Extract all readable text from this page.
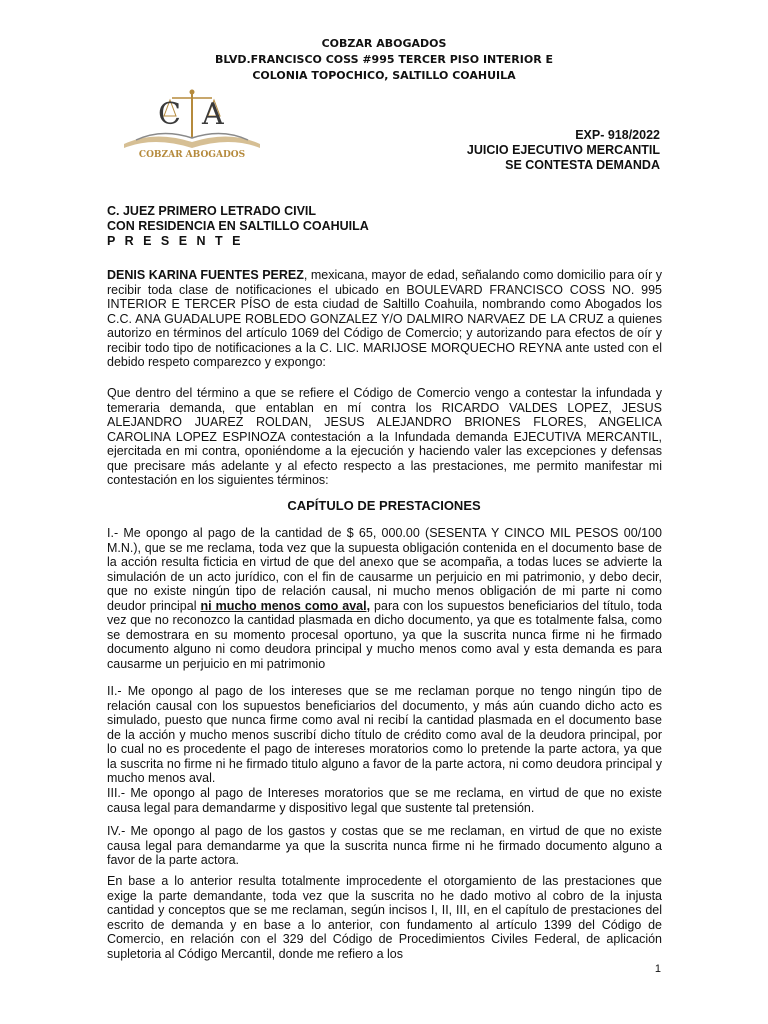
COBZAR ABOGADOS
BLVD.FRANCISCO COSS #995 TERCER PISO INTERIOR E
COLONIA TOPOCHICO, SALTILLO COAHUILA
C A
COBZAR ABOGADOS
EXP- 918/2022
JUICIO EJECUTIVO MERCANTIL
SE CONTESTA DEMANDA
C. JUEZ PRIMERO LETRADO CIVIL
CON RESIDENCIA EN SALTILLO COAHUILA
P R E S E N T E

DENIS KARINA FUENTES PEREZ, mexicana, mayor de edad, señalando como domicilio para oír y recibir toda clase de notificaciones el ubicado en BOULEVARD FRANCISCO COSS NO. 995 INTERIOR E TERCER PÍSO de esta ciudad de Saltillo Coahuila, nombrando como Abogados los C.C. ANA GUADALUPE ROBLEDO GONZALEZ Y/O DALMIRO NARVAEZ DE LA CRUZ a quienes autorizo en términos del artículo 1069 del Código de Comercio; y autorizando para efectos de oír y recibir todo tipo de notificaciones a la C. LIC. MARIJOSE MORQUECHO REYNA ante usted con el debido respeto comparezco y expongo:

Que dentro del término a que se refiere el Código de Comercio vengo a contestar la infundada y temeraria demanda, que entablan en mí contra los RICARDO VALDES LOPEZ, JESUS ALEJANDRO JUAREZ ROLDAN, JESUS ALEJANDRO BRIONES FLORES, ANGELICA CAROLINA LOPEZ ESPINOZA contestación a la Infundada demanda EJECUTIVA MERCANTIL, ejercitada en mi contra, oponiéndome a la ejecución y haciendo valer las excepciones y defensas que precisare más adelante y al efecto respecto a las prestaciones, me permito manifestar mi contestación en los siguientes términos:

CAPÍTULO DE PRESTACIONES

I.- Me opongo al pago de la cantidad de $ 65, 000.00 (SESENTA Y CINCO MIL PESOS 00/100 M.N.), que se me reclama, toda vez que la supuesta obligación contenida en el documento base de la acción resulta ficticia en virtud de que del anexo que se acompaña, a todas luces se advierte la simulación de un acto jurídico, con el fin de causarme un perjuicio en mi patrimonio, y debo decir, que no existe ningún tipo de relación causal, ni mucho menos obligación de mi parte ni como deudor principal ni mucho menos como aval, para con los supuestos beneficiarios del título, toda vez que no reconozco la cantidad plasmada en dicho documento, ya que es totalmente falsa, como se demostrara en su momento procesal oportuno, ya que la suscrita nunca firme ni he firmado documento alguno ni como deudora principal y mucho menos como aval y esta demanda es para causarme un perjuicio en mi patrimonio

II.- Me opongo al pago de los intereses que se me reclaman porque no tengo ningún tipo de relación causal con los supuestos beneficiarios del documento, y más aún cuando dicho acto es simulado, puesto que nunca firme como aval ni recibí la cantidad plasmada en el documento base de la acción y mucho menos suscribí dicho título de crédito como aval de la deudora principal, por lo cual no es procedente el pago de intereses moratorios como lo pretende la parte actora, ya que la suscrita no firme ni he firmado titulo alguno a favor de la parte actora, ni como deudora principal y mucho menos aval.

III.- Me opongo al pago de Intereses moratorios que se me reclama, en virtud de que no existe causa legal para demandarme y dispositivo legal que sustente tal pretensión.

IV.- Me opongo al pago de los gastos y costas que se me reclaman, en virtud de que no existe causa legal para demandarme ya que la suscrita nunca firme ni he firmado documento alguno a favor de la parte actora.

En base a lo anterior resulta totalmente improcedente el otorgamiento de las prestaciones que exige la parte demandante, toda vez que la suscrita no he dado motivo al cobro de la injusta cantidad y conceptos que se me reclaman, según incisos I, II, III, en el capítulo de prestaciones del escrito de demanda y en base a lo anterior, con fundamento al artículo 1399 del Código de Comercio, en relación con el 329 del Código de Procedimientos Civiles Federal, de aplicación supletoria al Código Mercantil, donde me refiero a los

1
